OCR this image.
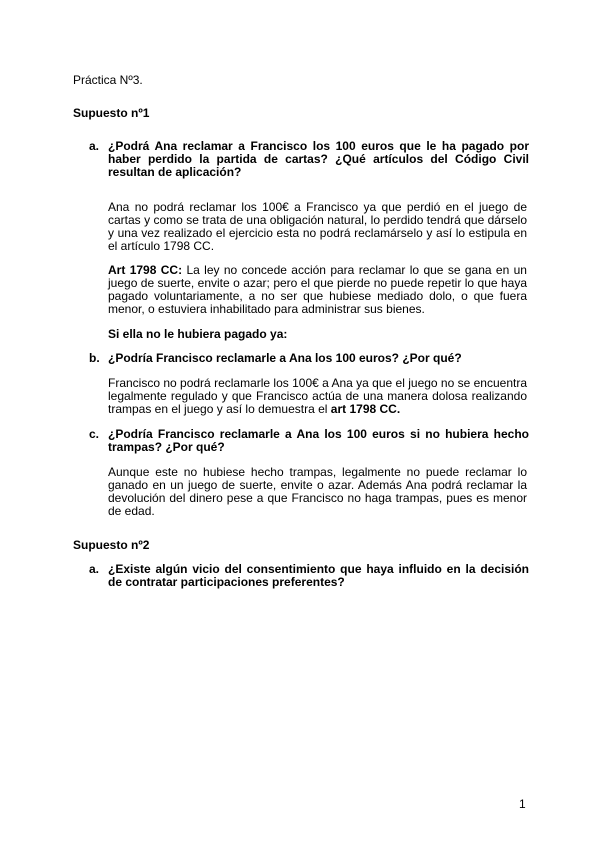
Práctica Nº3.
Supuesto nº1
a. ¿Podrá Ana reclamar a Francisco los 100 euros que le ha pagado por haber perdido la partida de cartas? ¿Qué artículos del Código Civil resultan de aplicación?
Ana no podrá reclamar los 100€ a Francisco ya que perdió en el juego de cartas y como se trata de una obligación natural, lo perdido tendrá que dárselo y una vez realizado el ejercicio esta no podrá reclamárselo y así lo estipula en el artículo 1798 CC.
Art 1798 CC: La ley no concede acción para reclamar lo que se gana en un juego de suerte, envite o azar; pero el que pierde no puede repetir lo que haya pagado voluntariamente, a no ser que hubiese mediado dolo, o que fuera menor, o estuviera inhabilitado para administrar sus bienes.
Si ella no le hubiera pagado ya:
b. ¿Podría Francisco reclamarle a Ana los 100 euros? ¿Por qué?
Francisco no podrá reclamarle los 100€ a Ana ya que el juego no se encuentra legalmente regulado y que Francisco actúa de una manera dolosa realizando trampas en el juego y así lo demuestra el art 1798 CC.
c. ¿Podría Francisco reclamarle a Ana los 100 euros si no hubiera hecho trampas? ¿Por qué?
Aunque este no hubiese hecho trampas, legalmente no puede reclamar lo ganado en un juego de suerte, envite o azar. Además Ana podrá reclamar la devolución del dinero pese a que Francisco no haga trampas, pues es menor de edad.
Supuesto nº2
a. ¿Existe algún vicio del consentimiento que haya influido en la decisión de contratar participaciones preferentes?
1
